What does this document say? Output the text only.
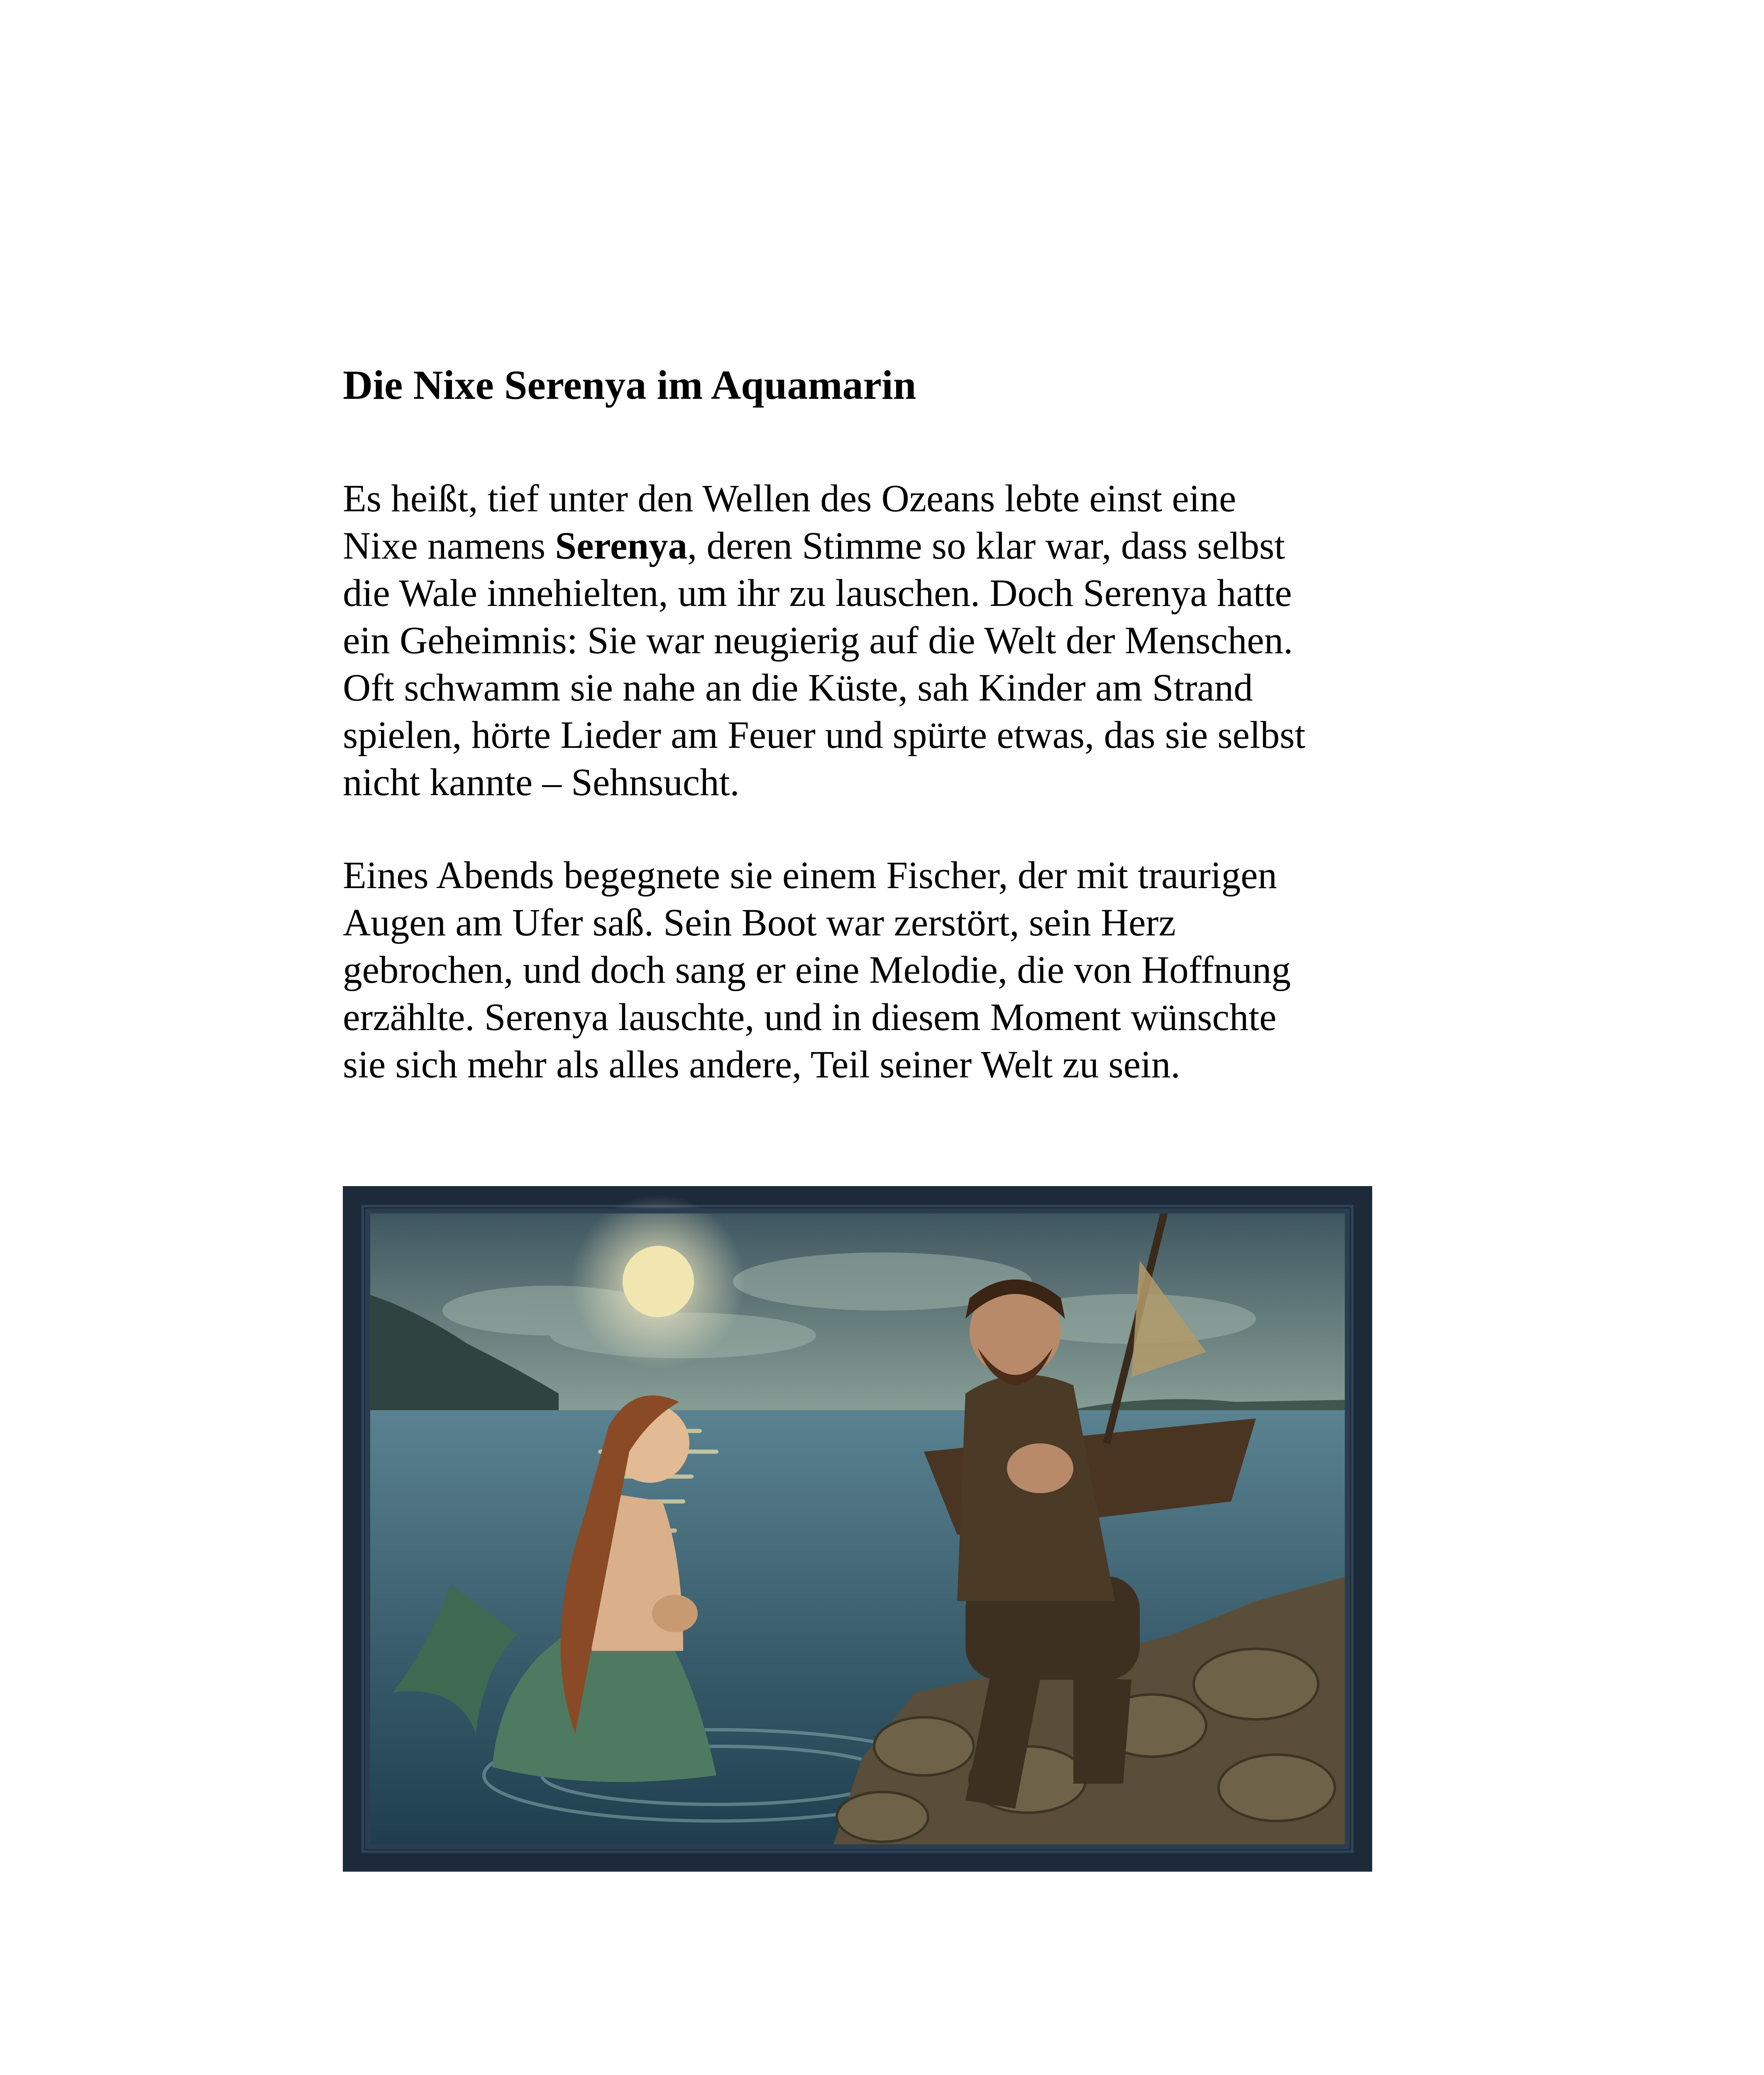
Die Nixe Serenya im Aquamarin
Es heißt, tief unter den Wellen des Ozeans lebte einst eine
Nixe namens Serenya, deren Stimme so klar war, dass selbst
die Wale innehielten, um ihr zu lauschen. Doch Serenya hatte
ein Geheimnis: Sie war neugierig auf die Welt der Menschen.
Oft schwamm sie nahe an die Küste, sah Kinder am Strand
spielen, hörte Lieder am Feuer und spürte etwas, das sie selbst
nicht kannte – Sehnsucht.
Eines Abends begegnete sie einem Fischer, der mit traurigen
Augen am Ufer saß. Sein Boot war zerstört, sein Herz
gebrochen, und doch sang er eine Melodie, die von Hoffnung
erzählte. Serenya lauschte, und in diesem Moment wünschte
sie sich mehr als alles andere, Teil seiner Welt zu sein.
